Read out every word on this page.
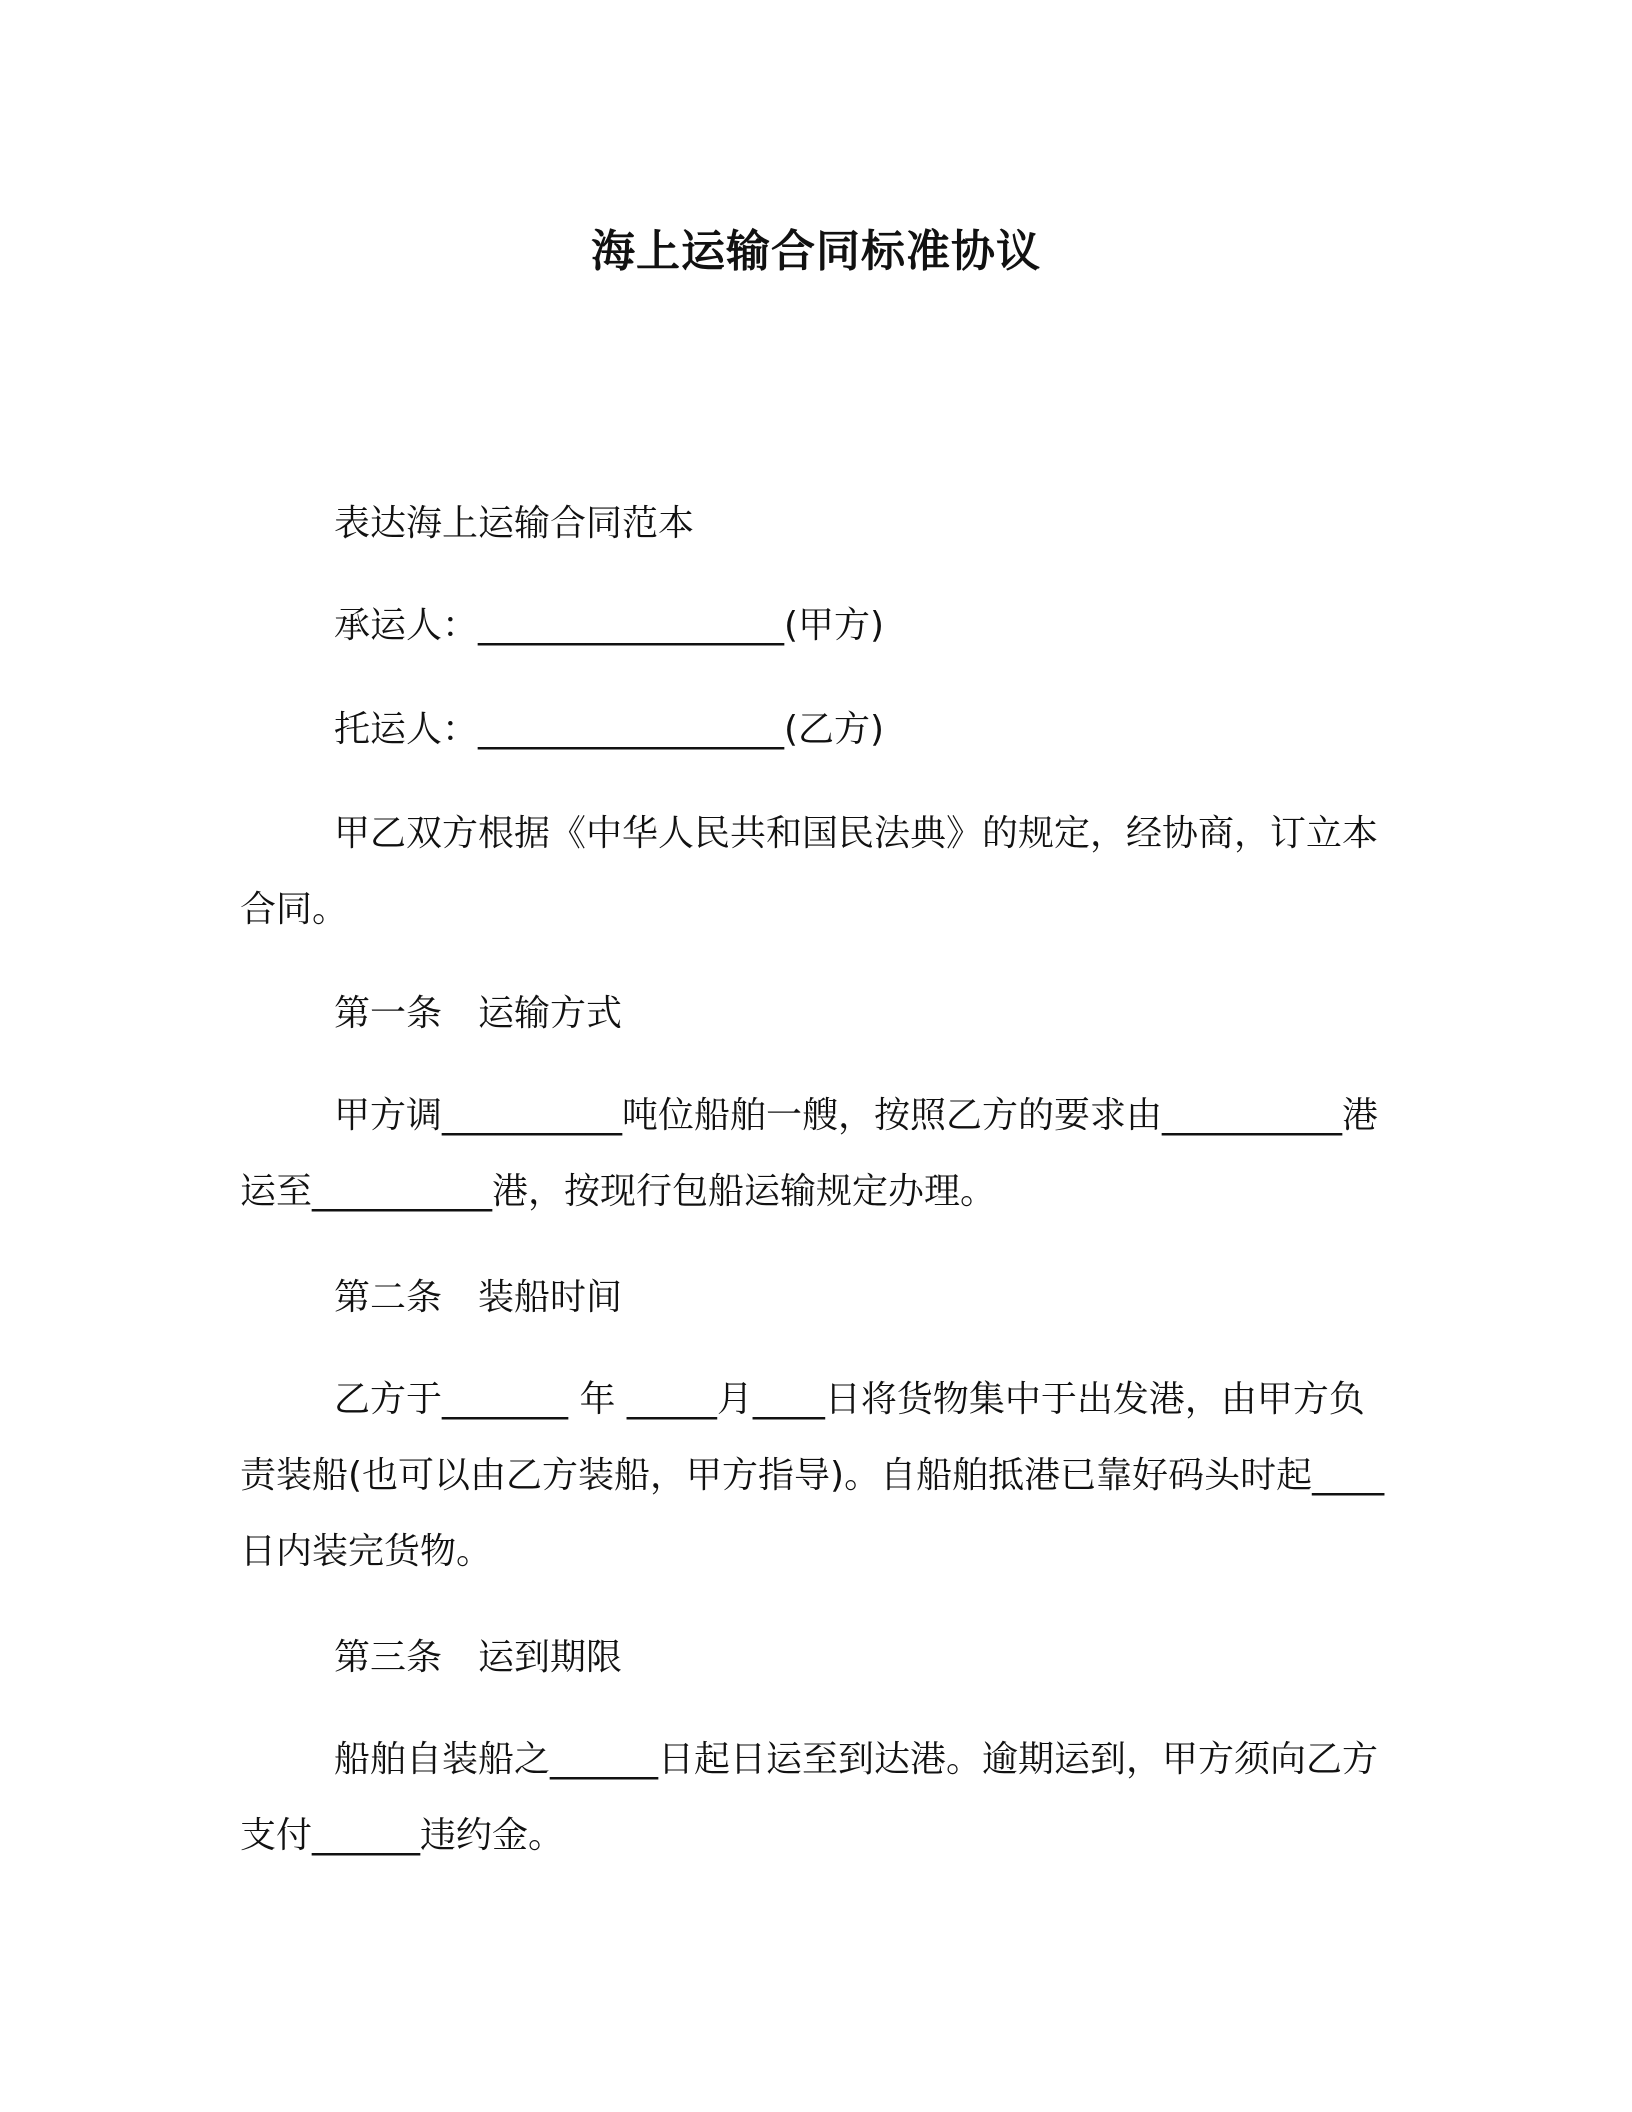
海上运输合同标准协议
表达海上运输合同范本
承运人：_________________(甲方)
托运人：_________________(乙方)
甲乙双方根据《中华人民共和国民法典》的规定，经协商，订立本合同。
第一条　运输方式
甲方调__________吨位船舶一艘，按照乙方的要求由__________港运至__________港，按现行包船运输规定办理。
第二条　装船时间
乙方于_______ 年 _____月____日将货物集中于出发港，由甲方负责装船(也可以由乙方装船，甲方指导)。自船舶抵港已靠好码头时起____日内装完货物。
第三条　运到期限
船舶自装船之______日起日运至到达港。逾期运到，甲方须向乙方支付______违约金。
